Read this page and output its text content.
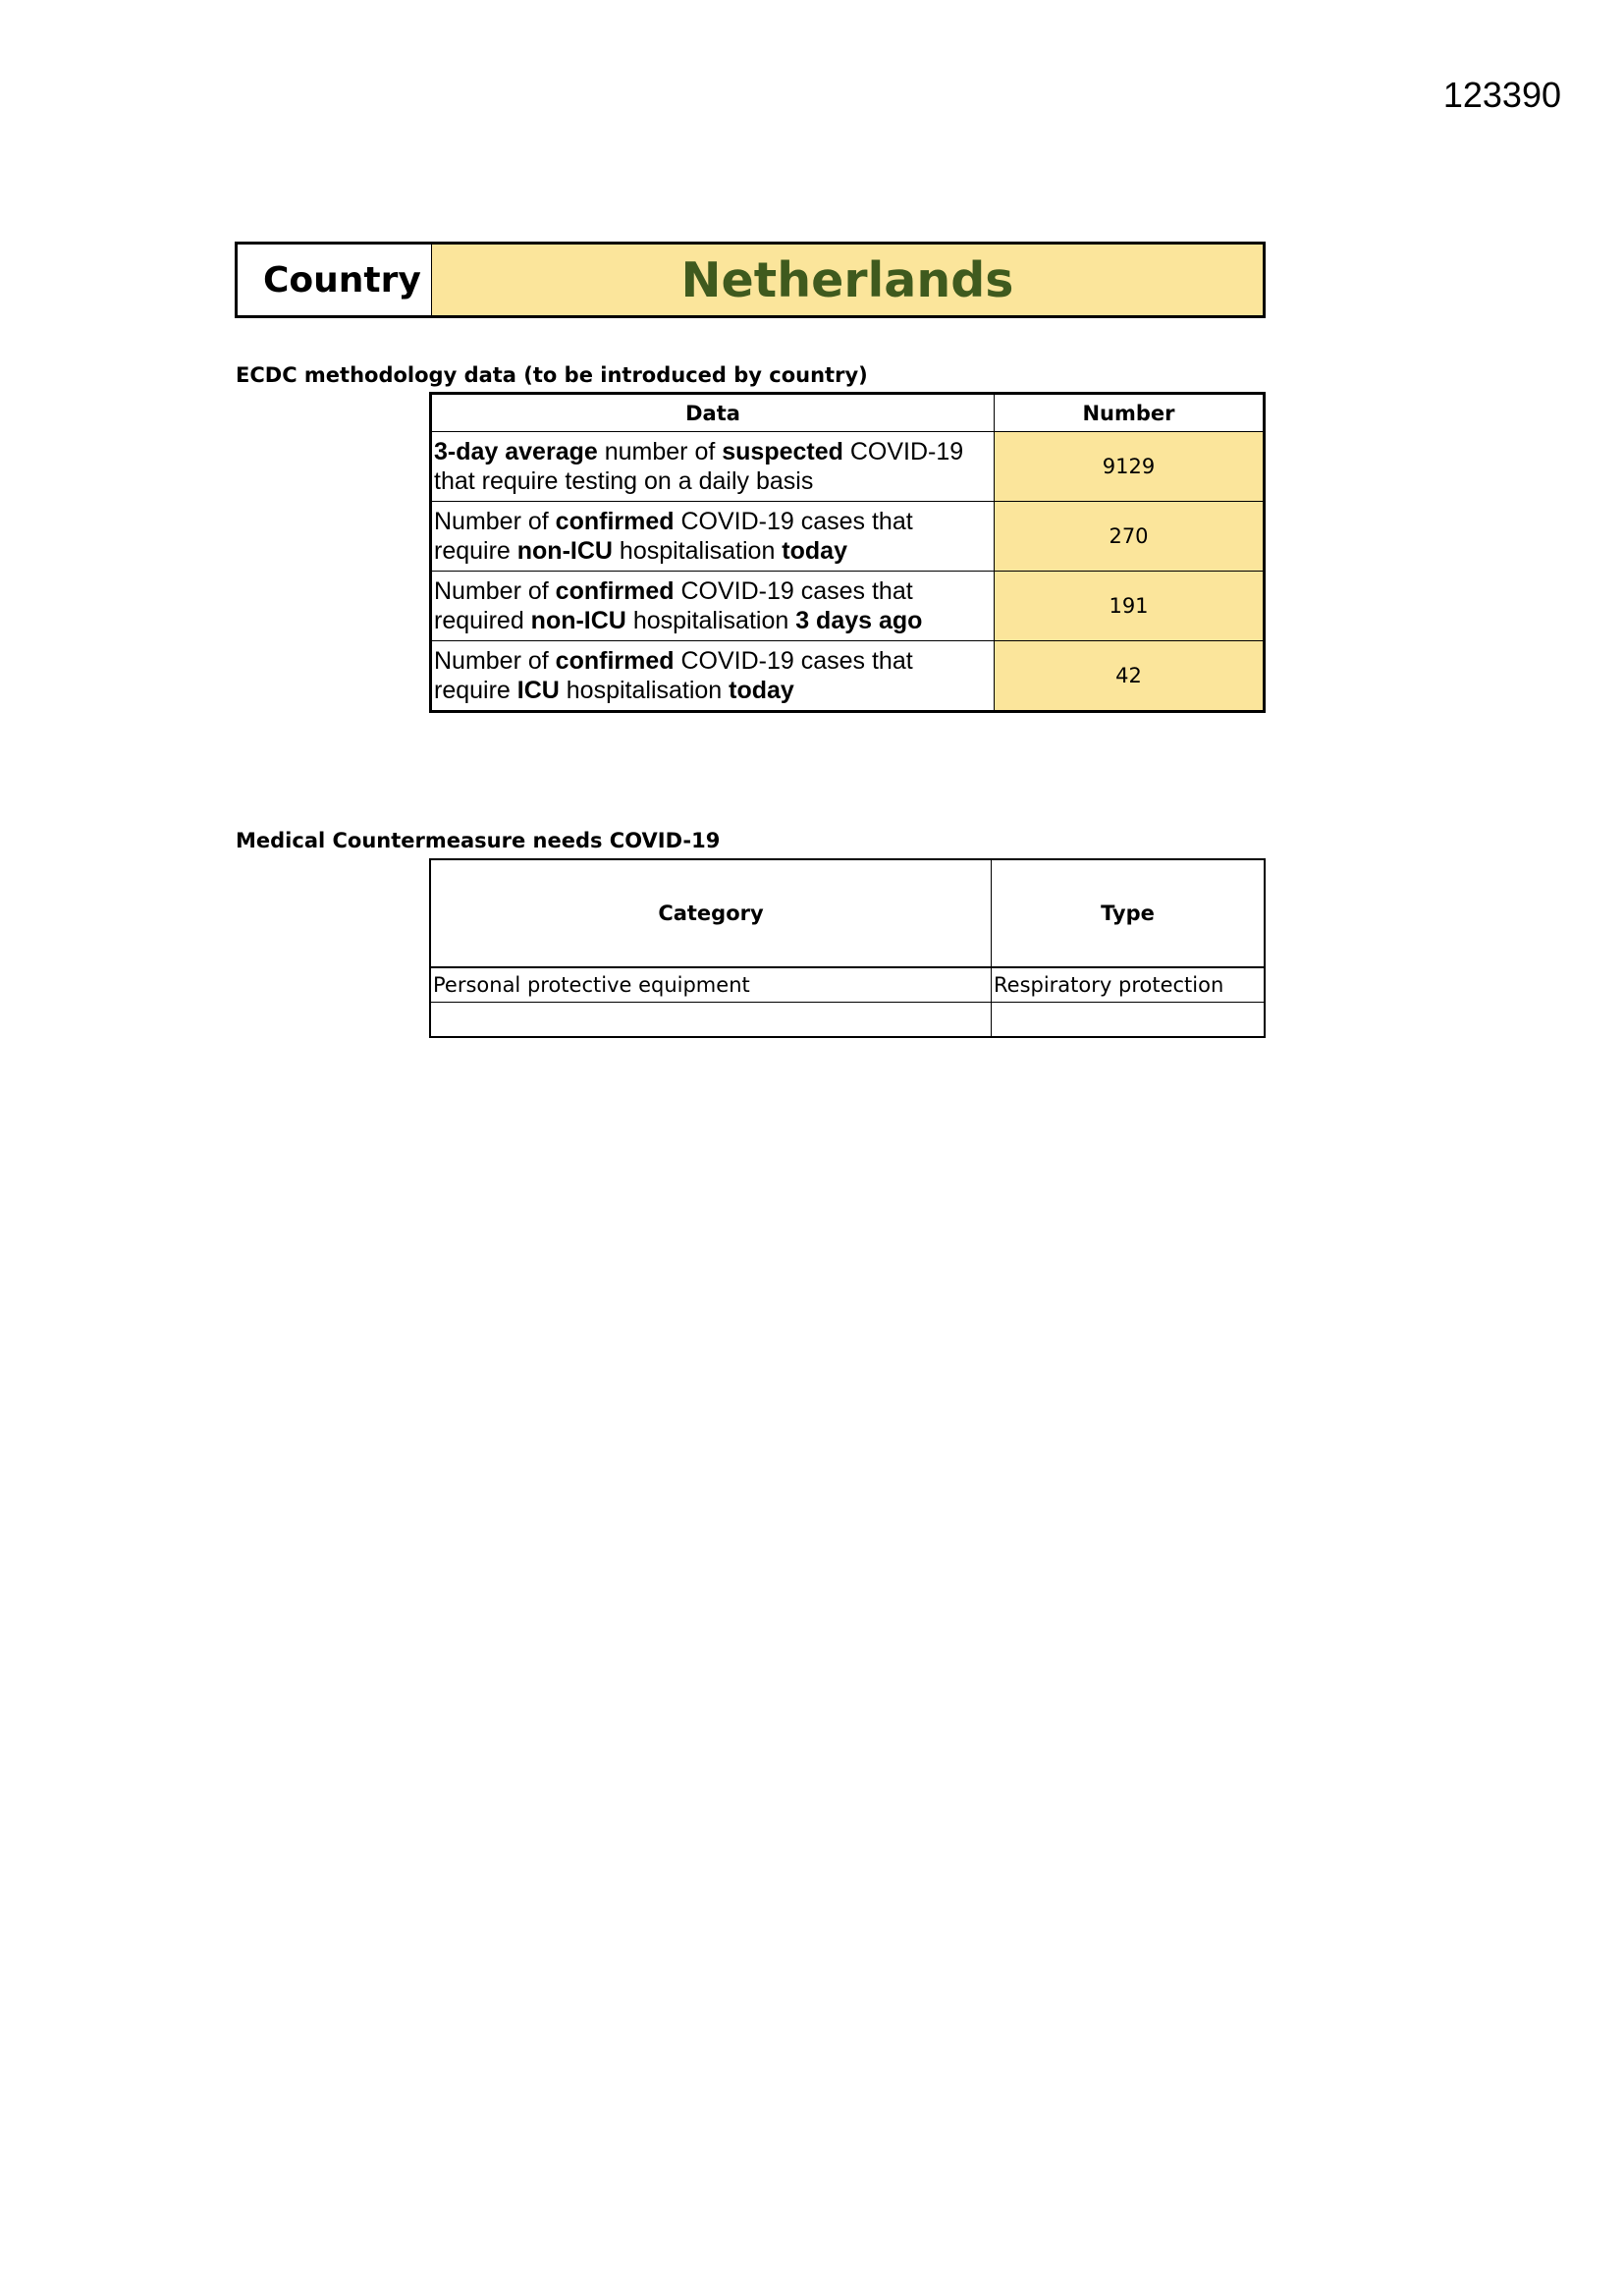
123390
Country	Netherlands
ECDC methodology data (to be introduced by country)
Data	Number
3-day average number of suspected COVID-19 that require testing on a daily basis	9129
Number of confirmed COVID-19 cases that require non-ICU hospitalisation today	270
Number of confirmed COVID-19 cases that required non-ICU hospitalisation 3 days ago	191
Number of confirmed COVID-19 cases that require ICU hospitalisation today	42
Medical Countermeasure needs COVID-19
Category	Type
Personal protective equipment	Respiratory protection
